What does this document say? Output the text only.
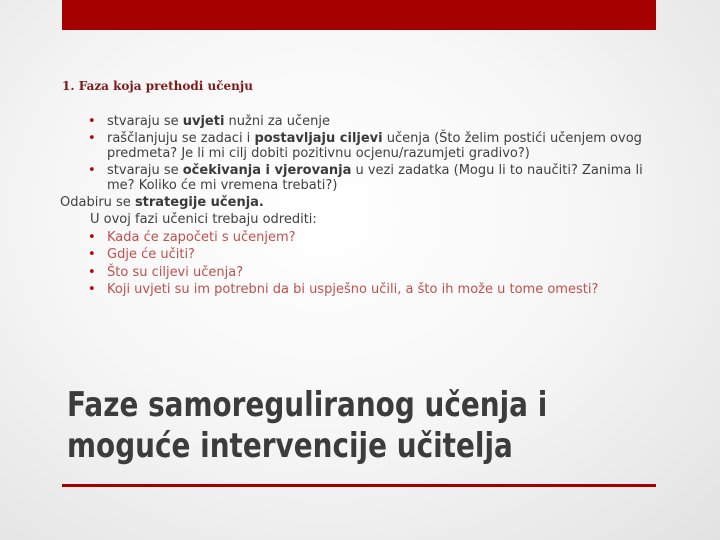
1. Faza koja prethodi učenju
• stvaraju se uvjeti nužni za učenje
• raščlanjuju se zadaci i postavljaju ciljevi učenja (Što želim postići učenjem ovog predmeta? Je li mi cilj dobiti pozitivnu ocjenu/razumjeti gradivo?)
• stvaraju se očekivanja i vjerovanja u vezi zadatka (Mogu li to naučiti? Zanima li me? Koliko će mi vremena trebati?)
Odabiru se strategije učenja.
U ovoj fazi učenici trebaju odrediti:
• Kada će započeti s učenjem?
• Gdje će učiti?
• Što su ciljevi učenja?
• Koji uvjeti su im potrebni da bi uspješno učili, a što ih može u tome omesti?
Faze samoreguliranog učenja i
moguće intervencije učitelja
